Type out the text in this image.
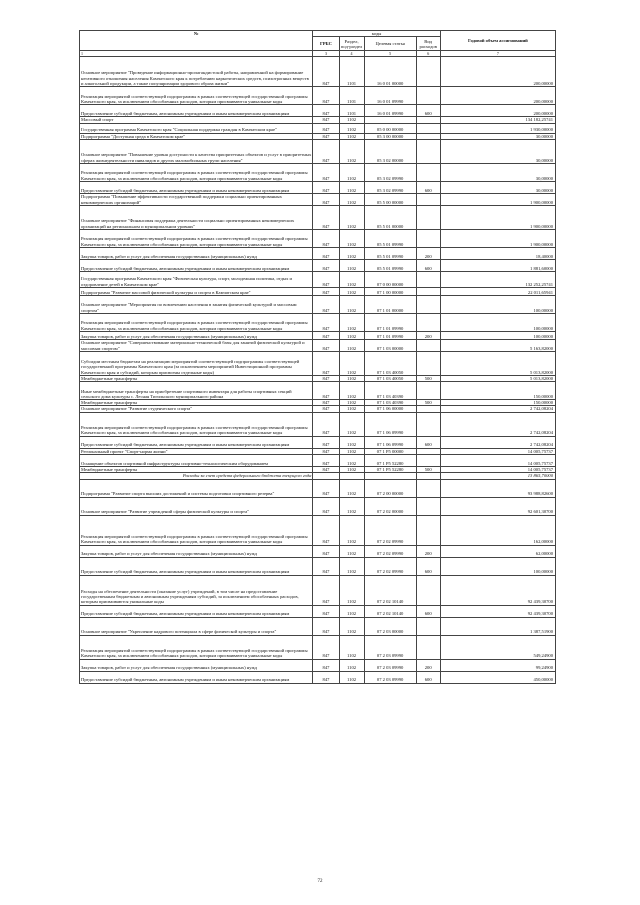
№	коды				Годовой объем ассигнований
	ГРБС	Раздел, под-раздел	Целевая статья	Вид расходов	
1	3	4	5	6	7
Основное мероприятие "Проведение информационно-пропагандистской работы, направленной на формирование негативного отношения населения Камчатского края к потреблению наркотических средств, психотропных веществ и алкогольной продукции, а также популяризации здорового образа жизни"	847	1101	16 0 01 00000		200,00000
Реализация мероприятий соответствующей подпрограммы в рамках соответствующей государственной программы Камчатского края, за исключением обособленных расходов, которым присваиваются уникальные коды	847	1101	16 0 01 09990		200,00000
Предоставление субсидий бюджетным, автономным учреждениям и иным некоммерческим организациям	847	1101	16 0 01 09990	600	200,00000
Массовый спорт	847	1102			134 182,25741
Государственная программа Камчатского края "Социальная поддержка граждан в Камчатском крае"	847	1102	05 0 00 00000		1 930,00000
Подпрограмма "Доступная среда в Камчатском крае"	847	1102	05 3 00 00000		30,00000
Основное мероприятие "Повышение уровня доступности к качества приоритетных объектов и услуг в приоритетных сферах жизнедеятельности инвалидов и других маломобильных групп населения"	847	1102	05 3 02 00000		30,00000
Реализация мероприятий соответствующей подпрограммы в рамках соответствующей государственной программы Камчатского края, за исключением обособленных расходов, которым присваиваются уникальные коды	847	1102	05 3 02 09990		30,00000
Предоставление субсидий бюджетным, автономным учреждениям и иным некоммерческим организациям	847	1102	05 3 02 09990	600	30,00000
Подпрограмма "Повышение эффективности государственной поддержки социально ориентированных некоммерческих организаций"	847	1102	05 5 00 00000		1 900,00000
Основное мероприятие "Финансовая поддержка деятельности социально ориентированных некоммерческих организаций на региональном и муниципальном уровнях"	847	1102	05 5 01 00000		1 900,00000
Реализация мероприятий соответствующей подпрограммы в рамках соответствующей государственной программы Камчатского края, за исключением обособленных расходов, которым присваиваются уникальные коды	847	1102	05 5 01 09990		1 900,00000
Закупка товаров, работ и услуг для обеспечения государственных (муниципальных) нужд	847	1102	05 5 01 09990	200	18,40000
Предоставление субсидий бюджетным, автономным учреждениям и иным некоммерческим организациям	847	1102	05 5 01 09990	600	1 881,60000
Государственная программа Камчатского края "Физическая культура, спорт, молодежная политика, отдых и оздоровление детей в Камчатском крае"	847	1102	07 0 00 00000		132 252,25741
Подпрограмма "Развитие массовой физической культуры и спорта в Камчатском крае"	847	1102	07 1 00 00000		22 011,65941
Основное мероприятие "Мероприятия по вовлечению населения в занятия физической культурой и массовым спортом"	847	1102	07 1 01 00000		100,00000
Реализация мероприятий соответствующей подпрограммы в рамках соответствующей государственной программы Камчатского края, за исключением обособленных расходов, которым присваиваются уникальные коды	847	1102	07 1 01 09990		100,00000
Закупка товаров, работ и услуг для обеспечения государственных (муниципальных) нужд	847	1102	07 1 01 09990	200	100,00000
Основное мероприятие "Совершенствование материально-технической базы для занятий физической культурой и массовым спортом"	847	1102	07 1 03 00000		5 163,82000
Субсидии местным бюджетам на реализацию мероприятий соответствующей подпрограммы соответствующей государственной программы Камчатского края (за исключением мероприятий Инвестиционной программы Камчатского края и субсидий, которым присвоены отдельные коды)	847	1102	07 1 03 40050		5 013,82000
Межбюджетные трансферты	847	1102	07 1 03 40050	500	5 013,82000
Иные межбюджетные трансферты на приобретение спортивного инвентаря для работы спортивных секций сельского дома культуры с. Лесная Тигильского муниципального района	847	1102	07 1 03 40390		150,00000
Межбюджетные трансферты	847	1102	07 1 03 40390	500	150,00000
Основное мероприятие "Развитие студенческого спорта"	847	1102	07 1 06 00000		2 742,08204
Реализация мероприятий соответствующей подпрограммы в рамках соответствующей государственной программы Камчатского края, за исключением обособленных расходов, которым присваиваются уникальные коды	847	1102	07 1 06 09990		2 742,08204
Предоставление субсидий бюджетным, автономным учреждениям и иным некоммерческим организациям	847	1102	07 1 06 09990	600	2 742,08204
Региональный проект "Спорт-норма жизни"	847	1102	07 1 P5 00000		14 005,75737
Оснащение объектов спортивной инфраструктуры спортивно-технологическим оборудованием	847	1102	07 1 P5 52280		14 005,75737
Межбюджетные трансферты	847	1102	07 1 P5 52280	500	14 005,75737
Расходы за счет средств федерального бюджета текущего года					13 865,70000
Подпрограмма "Развитие спорта высших достижений и системы подготовки спортивного резерва"	847	1102	07 2 00 00000		93 988,82600
Основное мероприятие "Развитие учреждений сферы физической культуры и спорта"	847	1102	07 2 02 00000		92 601,30700
Реализация мероприятий соответствующей подпрограммы в рамках соответствующей государственной программы Камчатского края, за исключением обособленных расходов, которым присваиваются уникальные коды	847	1102	07 2 02 09990		162,00000
Закупка товаров, работ и услуг для обеспечения государственных (муниципальных) нужд	847	1102	07 2 02 09990	200	62,00000
Предоставление субсидий бюджетным, автономным учреждениям и иным некоммерческим организациям	847	1102	07 2 02 09990	600	100,00000
Расходы на обеспечение деятельности (оказание услуг) учреждений, в том числе на предоставление государственным бюджетным и автономным учреждениям субсидий, за исключением обособленных расходов, которым присваиваются уникальные коды	847	1102	07 2 02 10140		92 439,30700
Предоставление субсидий бюджетным, автономным учреждениям и иным некоммерческим организациям	847	1102	07 2 02 10140	600	92 439,30700
Основное мероприятие "Укрепление кадрового потенциала в сфере физической культуры и спорта"	847	1102	07 2 03 00000		1 387,51900
Реализация мероприятий соответствующей подпрограммы в рамках соответствующей государственной программы Камчатского края, за исключением обособленных расходов, которым присваиваются уникальные коды	847	1102	07 2 03 09990		549,24900
Закупка товаров, работ и услуг для обеспечения государственных (муниципальных) нужд	847	1102	07 2 03 09990	200	99,24900
Предоставление субсидий бюджетным, автономным учреждениям и иным некоммерческим организациям	847	1102	07 2 03 09990	600	450,00000
72
